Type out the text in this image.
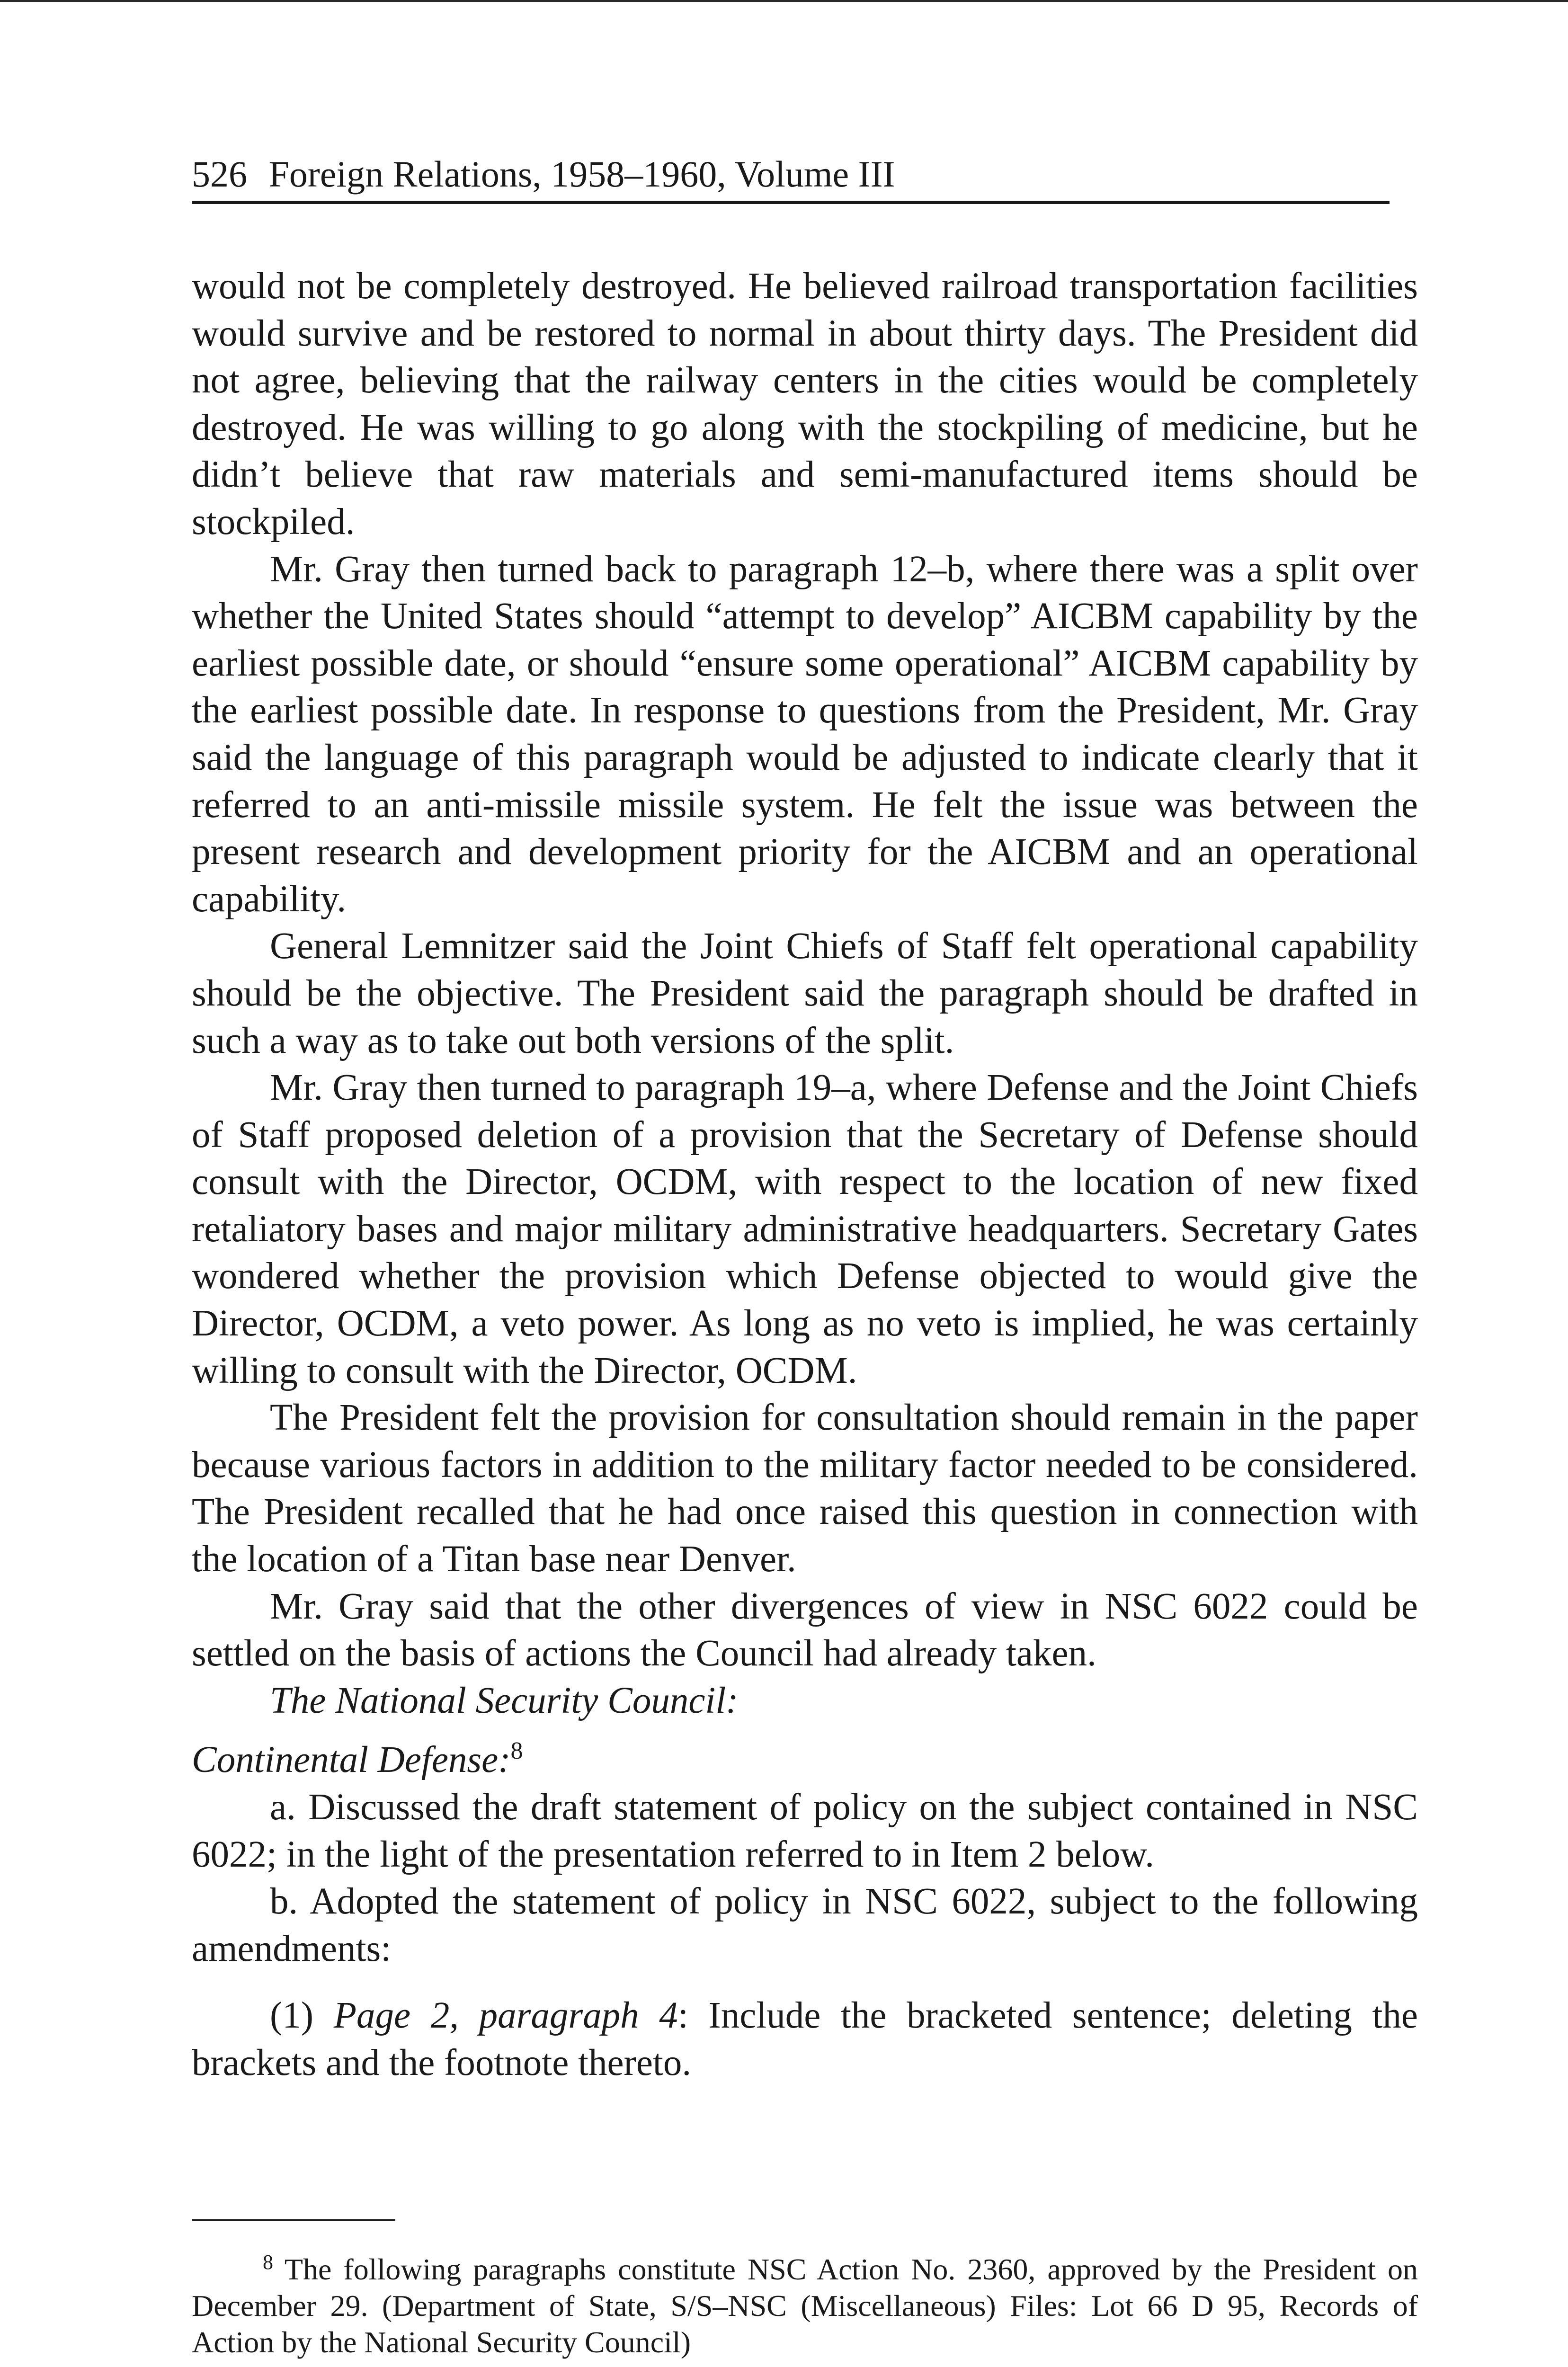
526 Foreign Relations, 1958–1960, Volume III

would not be completely destroyed. He believed railroad transportation facilities would survive and be restored to normal in about thirty days. The President did not agree, believing that the railway centers in the cities would be completely destroyed. He was willing to go along with the stockpiling of medicine, but he didn’t believe that raw materials and semi-manufactured items should be stockpiled.

Mr. Gray then turned back to paragraph 12–b, where there was a split over whether the United States should “attempt to develop” AICBM capability by the earliest possible date, or should “ensure some operational” AICBM capability by the earliest possible date. In response to questions from the President, Mr. Gray said the language of this paragraph would be adjusted to indicate clearly that it referred to an anti-missile missile system. He felt the issue was between the present research and development priority for the AICBM and an operational capability.

General Lemnitzer said the Joint Chiefs of Staff felt operational capability should be the objective. The President said the paragraph should be drafted in such a way as to take out both versions of the split.

Mr. Gray then turned to paragraph 19–a, where Defense and the Joint Chiefs of Staff proposed deletion of a provision that the Secretary of Defense should consult with the Director, OCDM, with respect to the location of new fixed retaliatory bases and major military administrative headquarters. Secretary Gates wondered whether the provision which Defense objected to would give the Director, OCDM, a veto power. As long as no veto is implied, he was certainly willing to consult with the Director, OCDM.

The President felt the provision for consultation should remain in the paper because various factors in addition to the military factor needed to be considered. The President recalled that he had once raised this question in connection with the location of a Titan base near Denver.

Mr. Gray said that the other divergences of view in NSC 6022 could be settled on the basis of actions the Council had already taken.

The National Security Council:

Continental Defense:$^8$

a. Discussed the draft statement of policy on the subject contained in NSC 6022; in the light of the presentation referred to in Item 2 below.

b. Adopted the statement of policy in NSC 6022, subject to the following amendments:

(1) Page 2, paragraph 4: Include the bracketed sentence; deleting the brackets and the footnote thereto.

$^8$ The following paragraphs constitute NSC Action No. 2360, approved by the President on December 29. (Department of State, S/S–NSC (Miscellaneous) Files: Lot 66 D 95, Records of Action by the National Security Council)
